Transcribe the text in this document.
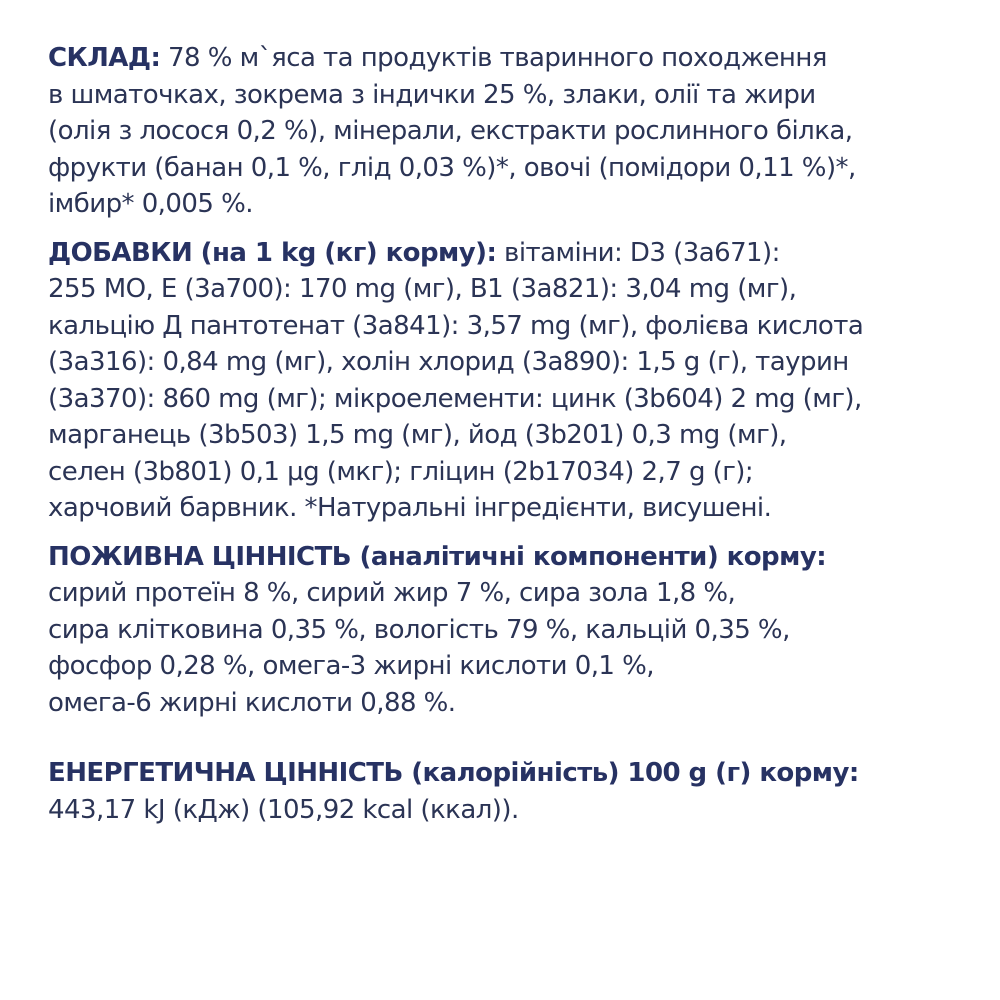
СКЛАД: 78 % м`яса та продуктів тваринного походження
в шматочках, зокрема з індички 25 %, злаки, олії та жири
(олія з лосося 0,2 %), мінерали, екстракти рослинного білка,
фрукти (банан 0,1 %, глід 0,03 %)*, овочі (помідори 0,11 %)*,
імбир* 0,005 %.
ДОБАВКИ (на 1 kg (кг) корму): вітаміни: D3 (3a671):
255 МО, E (3a700): 170 mg (мг), B1 (3a821): 3,04 mg (мг),
кальцію Д пантотенат (3a841): 3,57 mg (мг), фолієва кислота
(3a316): 0,84 mg (мг), холін хлорид (3a890): 1,5 g (г), таурин
(3a370): 860 mg (мг); мікроелементи: цинк (3b604) 2 mg (мг),
марганець (3b503) 1,5 mg (мг), йод (3b201) 0,3 mg (мг),
селен (3b801) 0,1 µg (мкг); гліцин (2b17034) 2,7 g (г);
харчовий барвник. *Натуральні інгредієнти, висушені.
ПОЖИВНА ЦІННІСТЬ (аналітичні компоненти) корму:
сирий протеїн 8 %, сирий жир 7 %, сира зола 1,8 %,
сира клітковина 0,35 %, вологість 79 %, кальцій 0,35 %,
фосфор 0,28 %, омега-3 жирні кислоти 0,1 %,
омега-6 жирні кислоти 0,88 %.
ЕНЕРГЕТИЧНА ЦІННІСТЬ (калорійність) 100 g (г) корму:
443,17 kJ (кДж) (105,92 kcal (ккал)).
